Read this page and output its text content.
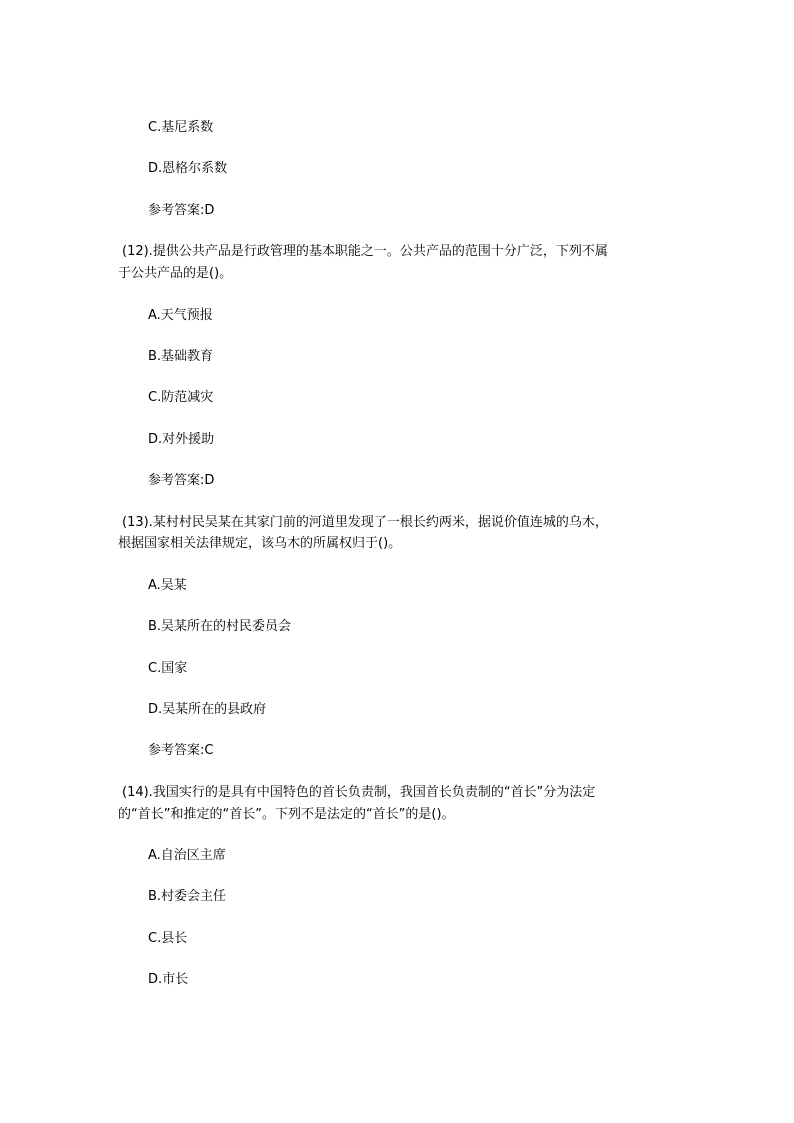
C.基尼系数
D.恩格尔系数
参考答案:D
(12).提供公共产品是行政管理的基本职能之一。公共产品的范围十分广泛，下列不属
于公共产品的是()。
A.天气预报
B.基础教育
C.防范减灾
D.对外援助
参考答案:D
(13).某村村民吴某在其家门前的河道里发现了一根长约两米，据说价值连城的乌木，
根据国家相关法律规定，该乌木的所属权归于()。
A.吴某
B.吴某所在的村民委员会
C.国家
D.吴某所在的县政府
参考答案:C
(14).我国实行的是具有中国特色的首长负责制，我国首长负责制的“首长”分为法定
的“首长”和推定的“首长”。下列不是法定的“首长”的是()。
A.自治区主席
B.村委会主任
C.县长
D.市长
